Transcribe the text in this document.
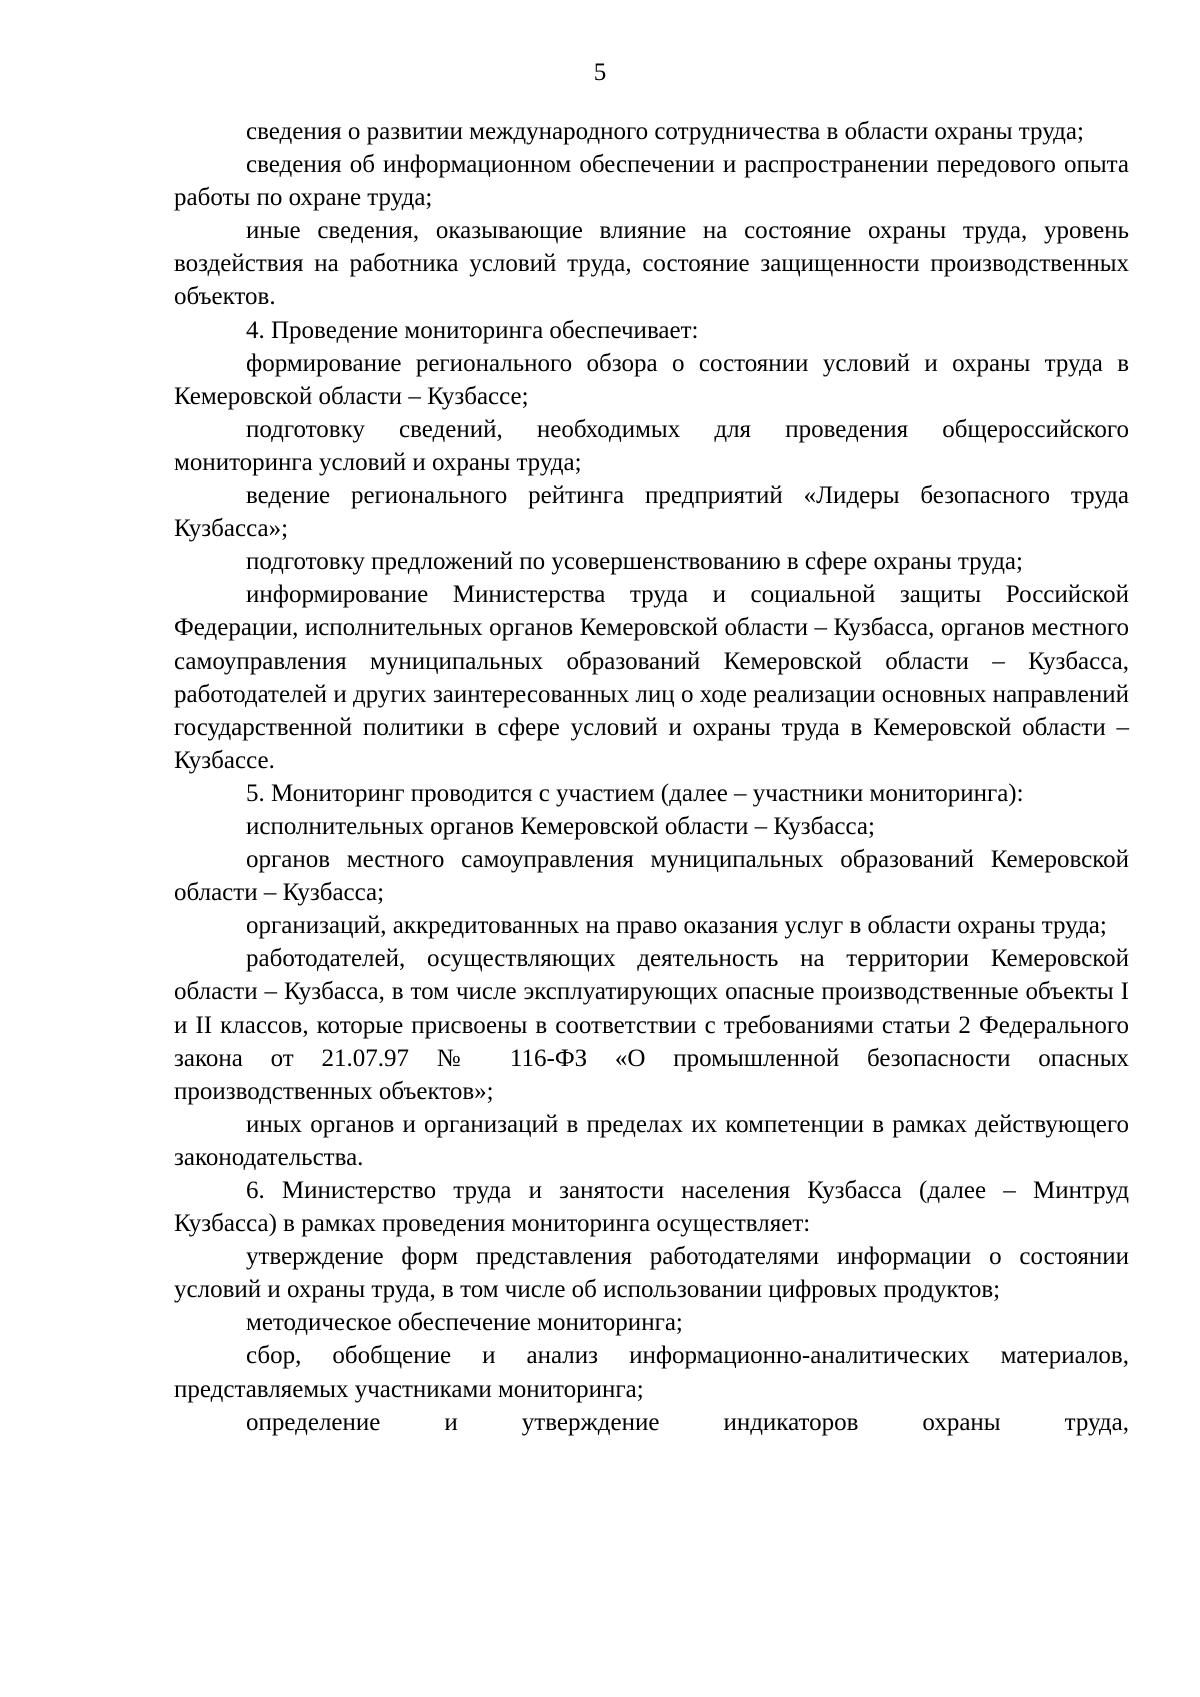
5

сведения о развитии международного сотрудничества в области охраны труда;

сведения об информационном обеспечении и распространении передового опыта работы по охране труда;

иные сведения, оказывающие влияние на состояние охраны труда, уровень воздействия на работника условий труда, состояние защищенности производственных объектов.

4. Проведение мониторинга обеспечивает:

формирование регионального обзора о состоянии условий и охраны труда в Кемеровской области – Кузбассе;

подготовку сведений, необходимых для проведения общероссийского мониторинга условий и охраны труда;

ведение регионального рейтинга предприятий «Лидеры безопасного труда Кузбасса»;

подготовку предложений по усовершенствованию в сфере охраны труда;

информирование Министерства труда и социальной защиты Российской Федерации, исполнительных органов Кемеровской области – Кузбасса, органов местного самоуправления муниципальных образований Кемеровской области – Кузбасса, работодателей и других заинтересованных лиц о ходе реализации основных направлений государственной политики в сфере условий и охраны труда в Кемеровской области – Кузбассе.

5. Мониторинг проводится с участием (далее – участники мониторинга):

исполнительных органов Кемеровской области – Кузбасса;

органов местного самоуправления муниципальных образований Кемеровской области – Кузбасса;

организаций, аккредитованных на право оказания услуг в области охраны труда;

работодателей, осуществляющих деятельность на территории Кемеровской области – Кузбасса, в том числе эксплуатирующих опасные производственные объекты I и II классов, которые присвоены в соответствии с требованиями статьи 2 Федерального закона от 21.07.97 № 116-ФЗ «О промышленной безопасности опасных производственных объектов»;

иных органов и организаций в пределах их компетенции в рамках действующего законодательства.

6. Министерство труда и занятости населения Кузбасса (далее – Минтруд Кузбасса) в рамках проведения мониторинга осуществляет:

утверждение форм представления работодателями информации о состоянии условий и охраны труда, в том числе об использовании цифровых продуктов;

методическое обеспечение мониторинга;

сбор, обобщение и анализ информационно-аналитических материалов, представляемых участниками мониторинга;

определение и утверждение индикаторов охраны труда,
